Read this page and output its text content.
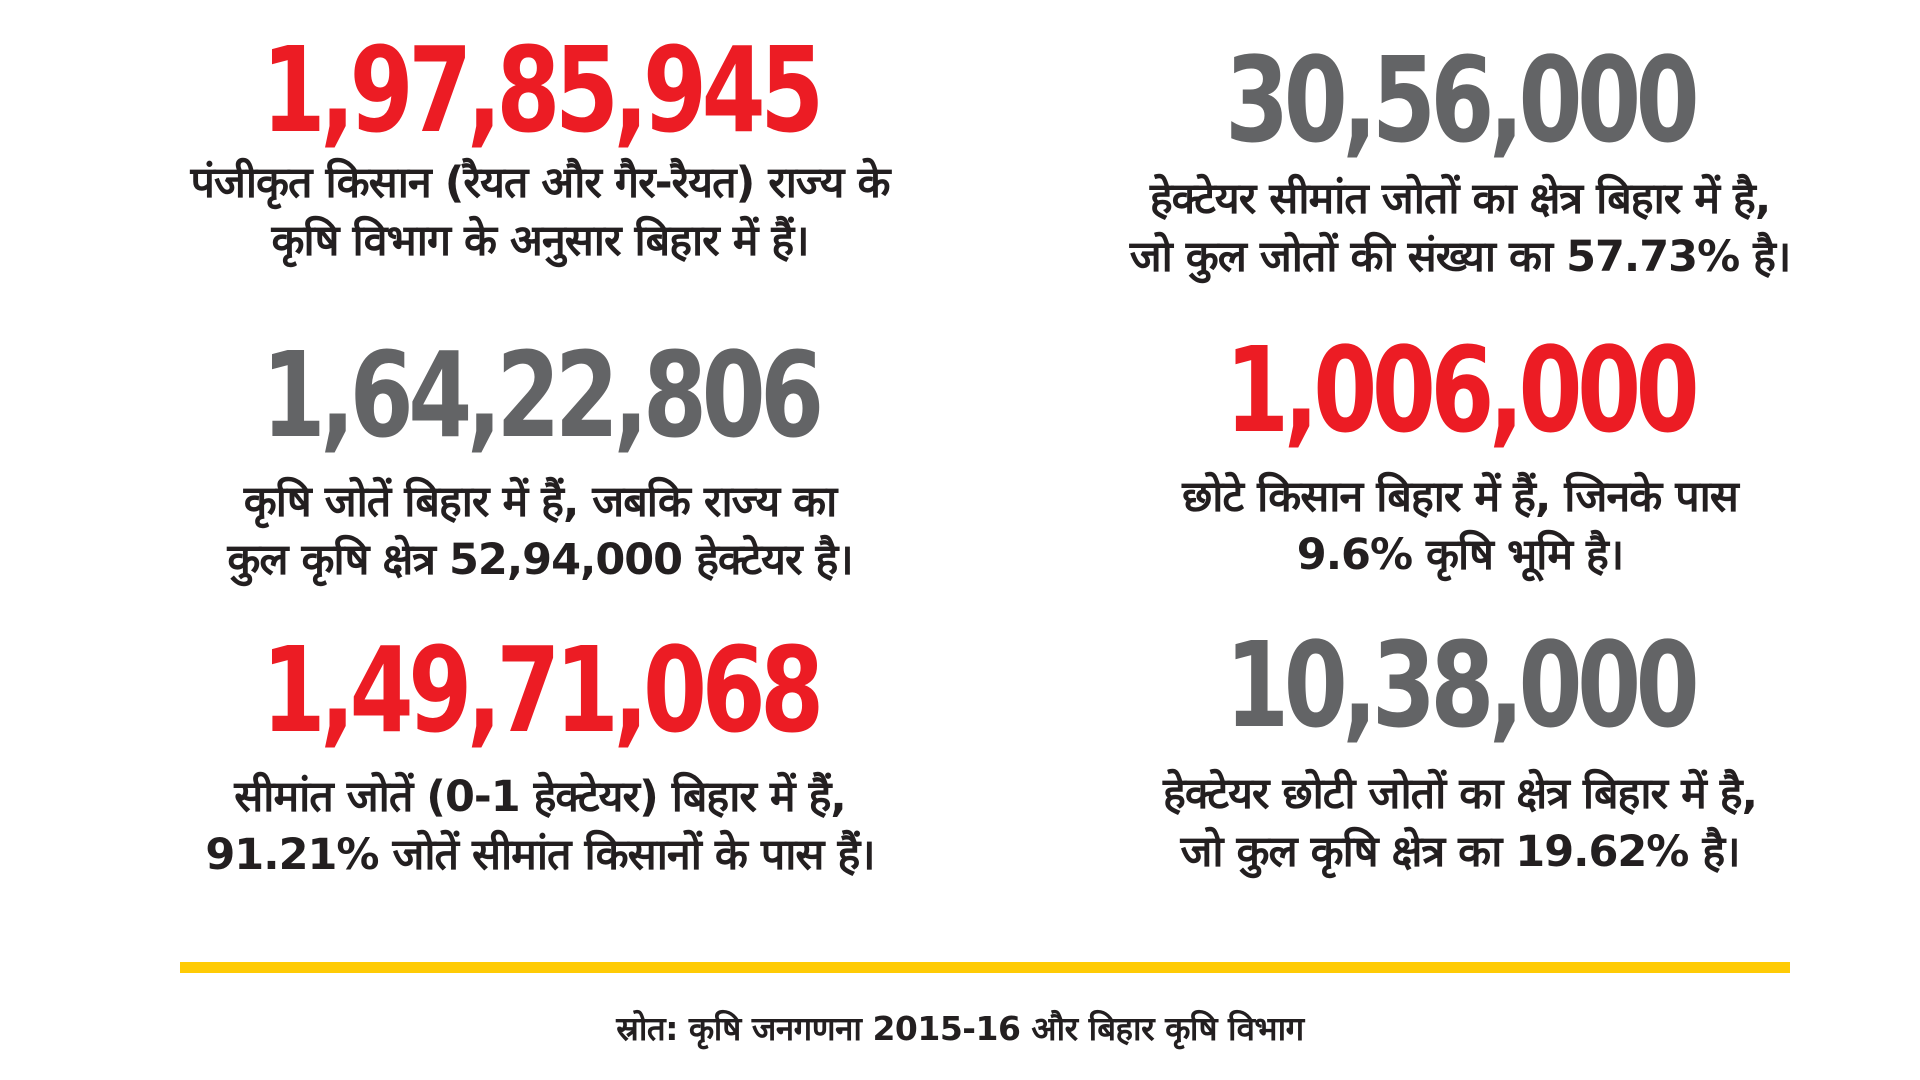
1,97,85,945
पंजीकृत किसान (रैयत और गैर-रैयत) राज्य के
कृषि विभाग के अनुसार बिहार में हैं।
30,56,000
हेक्टेयर सीमांत जोतों का क्षेत्र बिहार में है,
जो कुल जोतों की संख्या का 57.73% है।
1,64,22,806
कृषि जोतें बिहार में हैं, जबकि राज्य का
कुल कृषि क्षेत्र 52,94,000 हेक्टेयर है।
1,006,000
छोटे किसान बिहार में हैं, जिनके पास
9.6% कृषि भूमि है।
1,49,71,068
सीमांत जोतें (0-1 हेक्टेयर) बिहार में हैं,
91.21% जोतें सीमांत किसानों के पास हैं।
10,38,000
हेक्टेयर छोटी जोतों का क्षेत्र बिहार में है,
जो कुल कृषि क्षेत्र का 19.62% है।
स्रोत: कृषि जनगणना 2015-16 और बिहार कृषि विभाग
